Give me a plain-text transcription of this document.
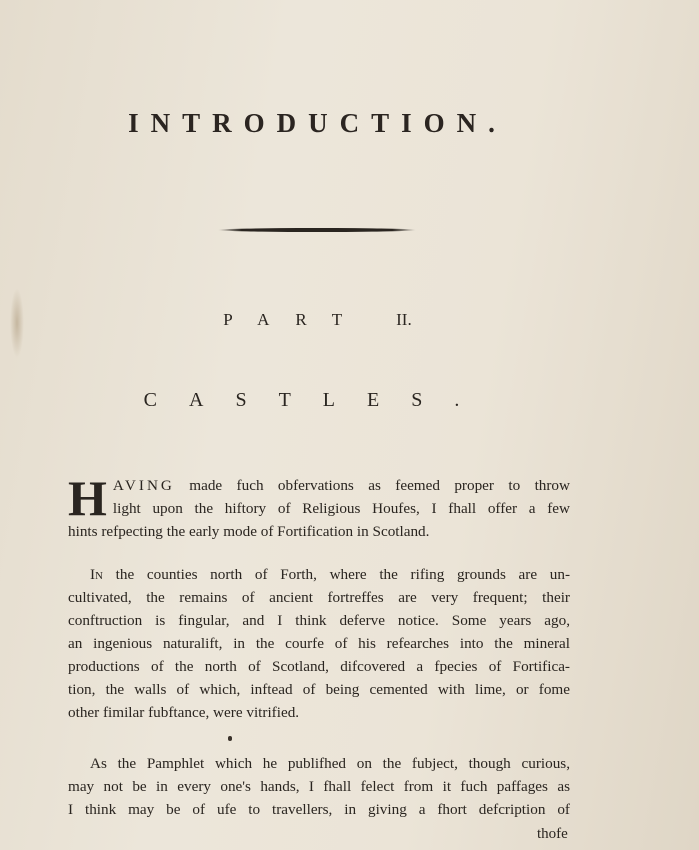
INTRODUCTION.
PART II.
CASTLES.
H AVING made fuch obfervations as feemed proper to throw
light upon the hiftory of Religious Houfes, I fhall offer a few
hints refpecting the early mode of Fortification in Scotland.
In the counties north of Forth, where the rifing grounds are un-
cultivated, the remains of ancient fortreffes are very frequent; their
conftruction is fingular, and I think deferve notice. Some years ago,
an ingenious naturalift, in the courfe of his refearches into the mineral
productions of the north of Scotland, difcovered a fpecies of Fortifica-
tion, the walls of which, inftead of being cemented with lime, or fome
other fimilar fubftance, were vitrified.
As the Pamphlet which he publifhed on the fubject, though curious,
may not be in every one's hands, I fhall felect from it fuch paffages as
I think may be of ufe to travellers, in giving a fhort defcription of
thofe
